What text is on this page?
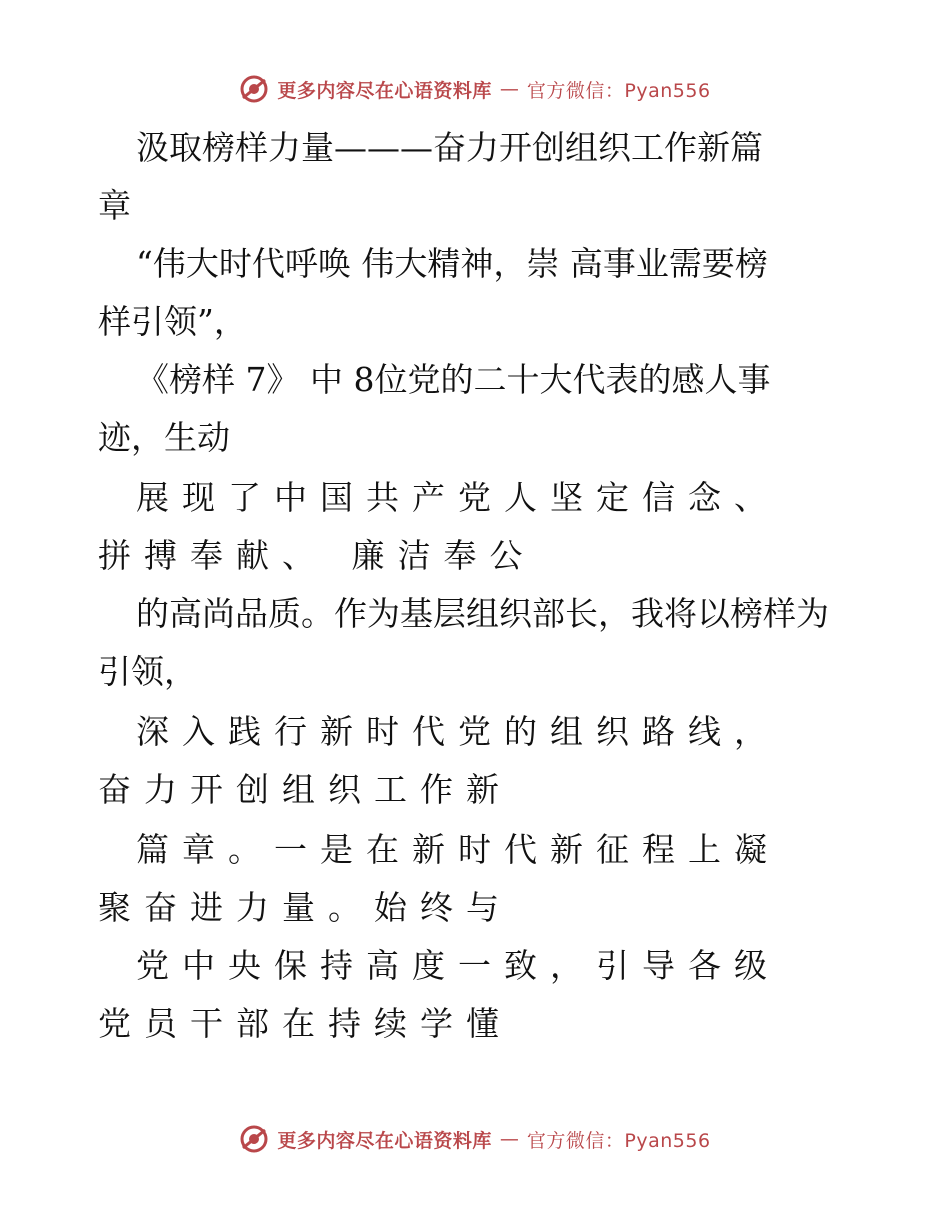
更多内容尽在心语资料库 — 官方微信：Pyan556
汲取榜样力量———奋力开创组织工作新篇
章
“伟大时代呼唤 伟大精神，崇 高事业需要榜
样引领”，
《榜样 7》 中 8位党的二十大代表的感人事
迹，生动
展现了中国共产党人坚定信念、
拼搏奉献、 廉洁奉公
的高尚品质。作为基层组织部长，我将以榜样为
引领，
深入践行新时代党的组织路线，
奋力开创组织工作新
篇章。一是在新时代新征程上凝
聚奋进力量。始终与
党中央保持高度一致，引导各级
党员干部在持续学懂
更多内容尽在心语资料库 — 官方微信：Pyan556
